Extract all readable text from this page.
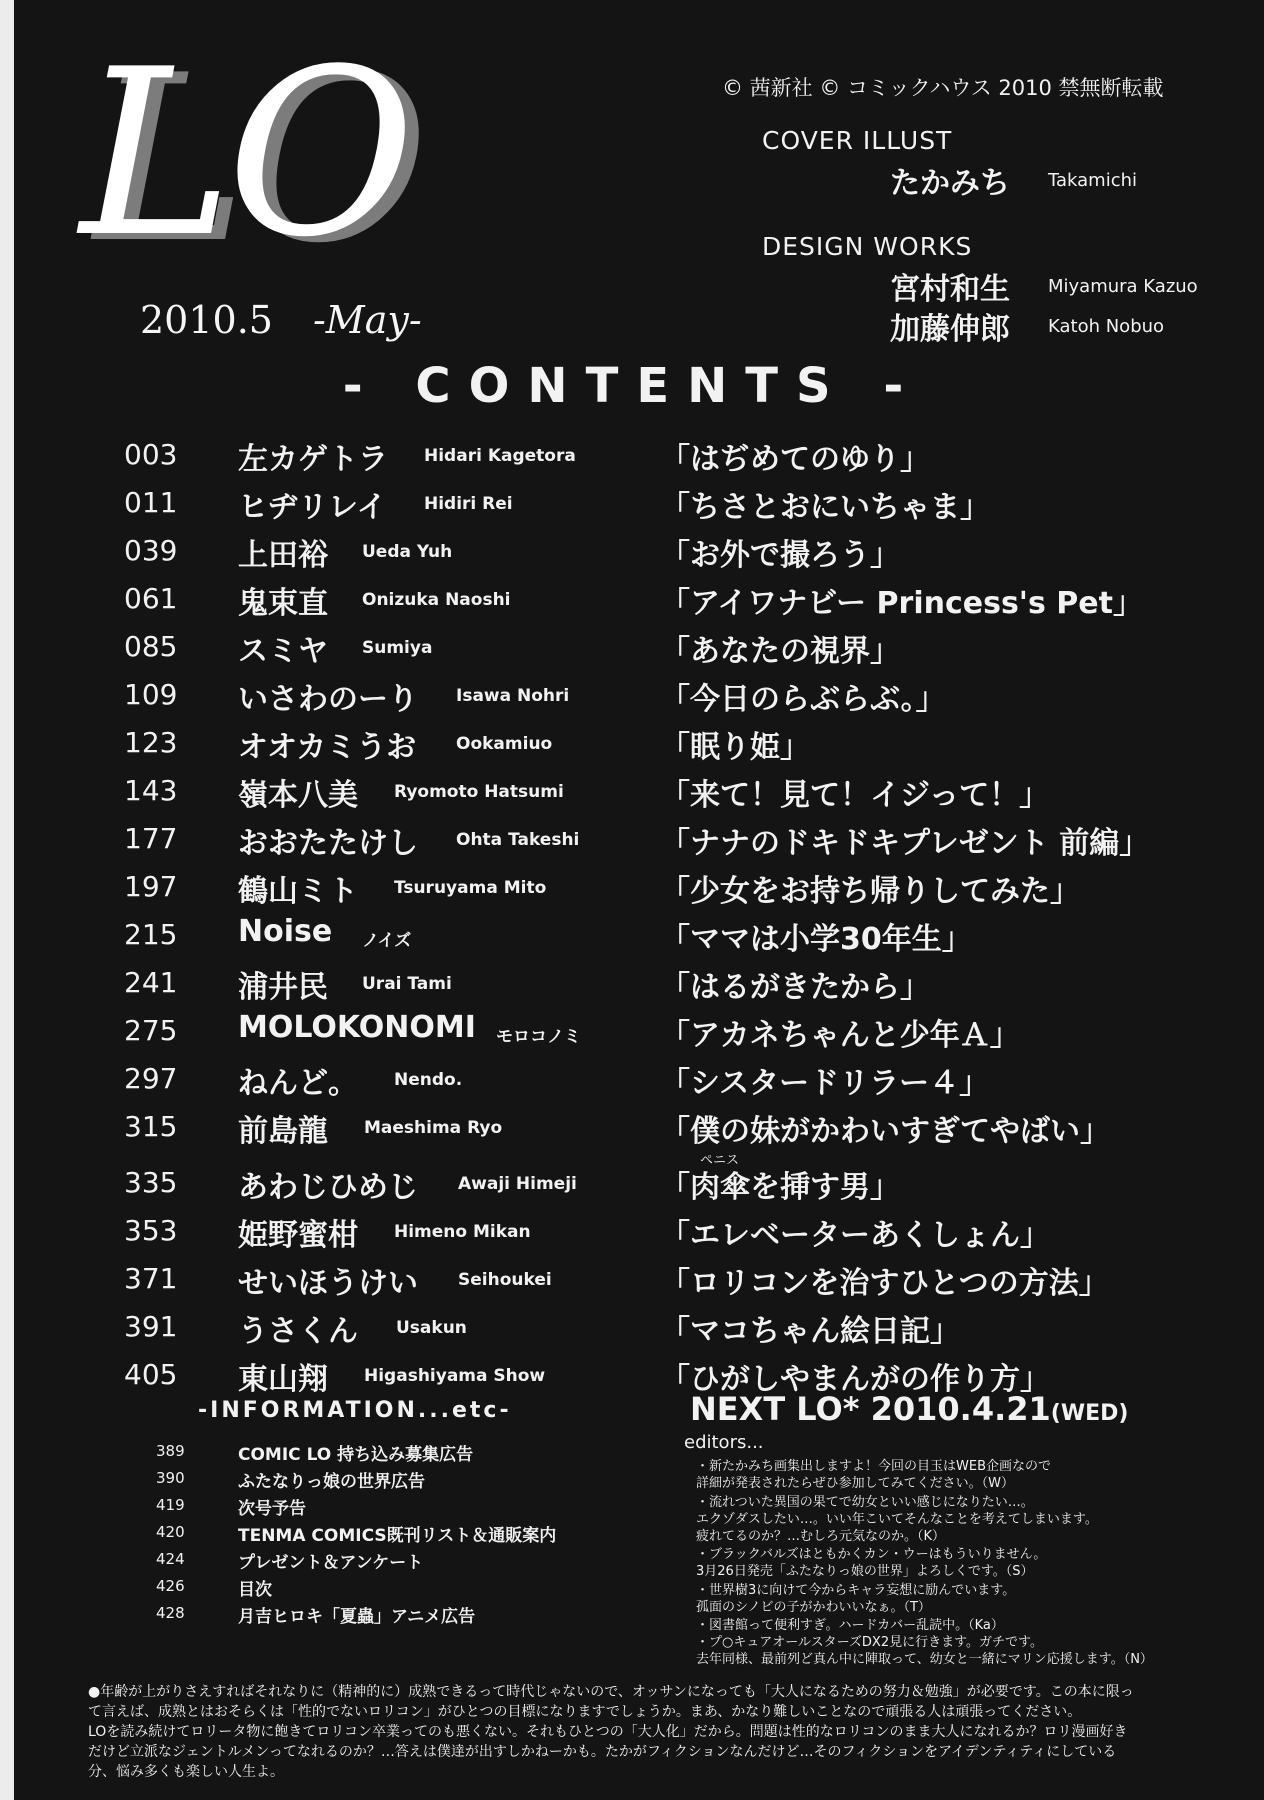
LO
2010.5 -May-
© 茜新社 © コミックハウス 2010 禁無断転載
COVER ILLUST
たかみち Takamichi
DESIGN WORKS
宮村和生 Miyamura Kazuo
加藤伸郎 Katoh Nobuo
- CONTENTS -
003 左カゲトラ Hidari Kagetora	「はぢめてのゆり」
011 ヒヂリレイ Hidiri Rei	「ちさとおにいちゃま」
039 上田裕 Ueda Yuh	「お外で撮ろう」
061 鬼束直 Onizuka Naoshi	「アイワナビー Princess's Pet」
085 スミヤ Sumiya	「あなたの視界」
109 いさわのーり Isawa Nohri	「今日のらぶらぶ。」
123 オオカミうお Ookamiuo	「眠り姫」
143 嶺本八美 Ryomoto Hatsumi	「来て！見て！イジって！」
177 おおたたけし Ohta Takeshi	「ナナのドキドキプレゼント 前編」
197 鶴山ミト Tsuruyama Mito	「少女をお持ち帰りしてみた」
215 Noise ノイズ	「ママは小学30年生」
241 浦井民 Urai Tami	「はるがきたから」
275 MOLOKONOMI モロコノミ	「アカネちゃんと少年Ａ」
297 ねんど。 Nendo.	「シスタードリラー４」
315 前島龍 Maeshima Ryo	「僕の妹がかわいすぎてやばい」
335 あわじひめじ Awaji Himeji	「肉傘を挿す男」
353 姫野蜜柑 Himeno Mikan	「エレベーターあくしょん」
371 せいほうけい Seihoukei	「ロリコンを治すひとつの方法」
391 うさくん Usakun	「マコちゃん絵日記」
405 東山翔 Higashiyama Show	「ひがしやまんがの作り方」
ペニス
-INFORMATION...etc-
389	COMIC LO 持ち込み募集広告
390	ふたなりっ娘の世界広告
419	次号予告
420	TENMA COMICS既刊リスト＆通販案内
424	プレゼント＆アンケート
426	目次
428	月吉ヒロキ「夏蟲」アニメ広告
NEXT LO* 2010.4.21(WED)
editors...
・新たかみち画集出しますよ！今回の目玉はWEB企画なので
詳細が発表されたらぜひ参加してみてください。（W）
・流れついた異国の果てで幼女といい感じになりたい…。
エクゾダスしたい…。いい年こいてそんなことを考えてしまいます。
疲れてるのか？…むしろ元気なのか。（K）
・ブラックバルズはともかくカン・ウーはもういりません。
3月26日発売「ふたなりっ娘の世界」よろしくです。（S）
・世界樹3に向けて今からキャラ妄想に励んでいます。
孤面のシノビの子がかわいいなぁ。（T）
・図書館って便利すぎ。ハードカバー乱読中。（Ka）
・プ○キュアオールスターズDX2見に行きます。ガチです。
去年同様、最前列ど真ん中に陣取って、幼女と一緒にマリン応援します。（N）
●年齢が上がりさえすればそれなりに（精神的に）成熟できるって時代じゃないので、オッサンになっても「大人になるための努力＆勉強」が必要です。この本に限って言えば、成熟とはおそらくは「性的でないロリコン」がひとつの目標になりますでしょうか。まあ、かなり難しいことなので頑張る人は頑張ってください。
LOを読み続けてロリータ物に飽きてロリコン卒業ってのも悪くない。それもひとつの「大人化」だから。問題は性的なロリコンのまま大人になれるか？ロリ漫画好きだけど立派なジェントルメンってなれるのか？…答えは僕達が出すしかねーかも。たかがフィクションなんだけど…そのフィクションをアイデンティティにしている分、悩み多くも楽しい人生よ。
